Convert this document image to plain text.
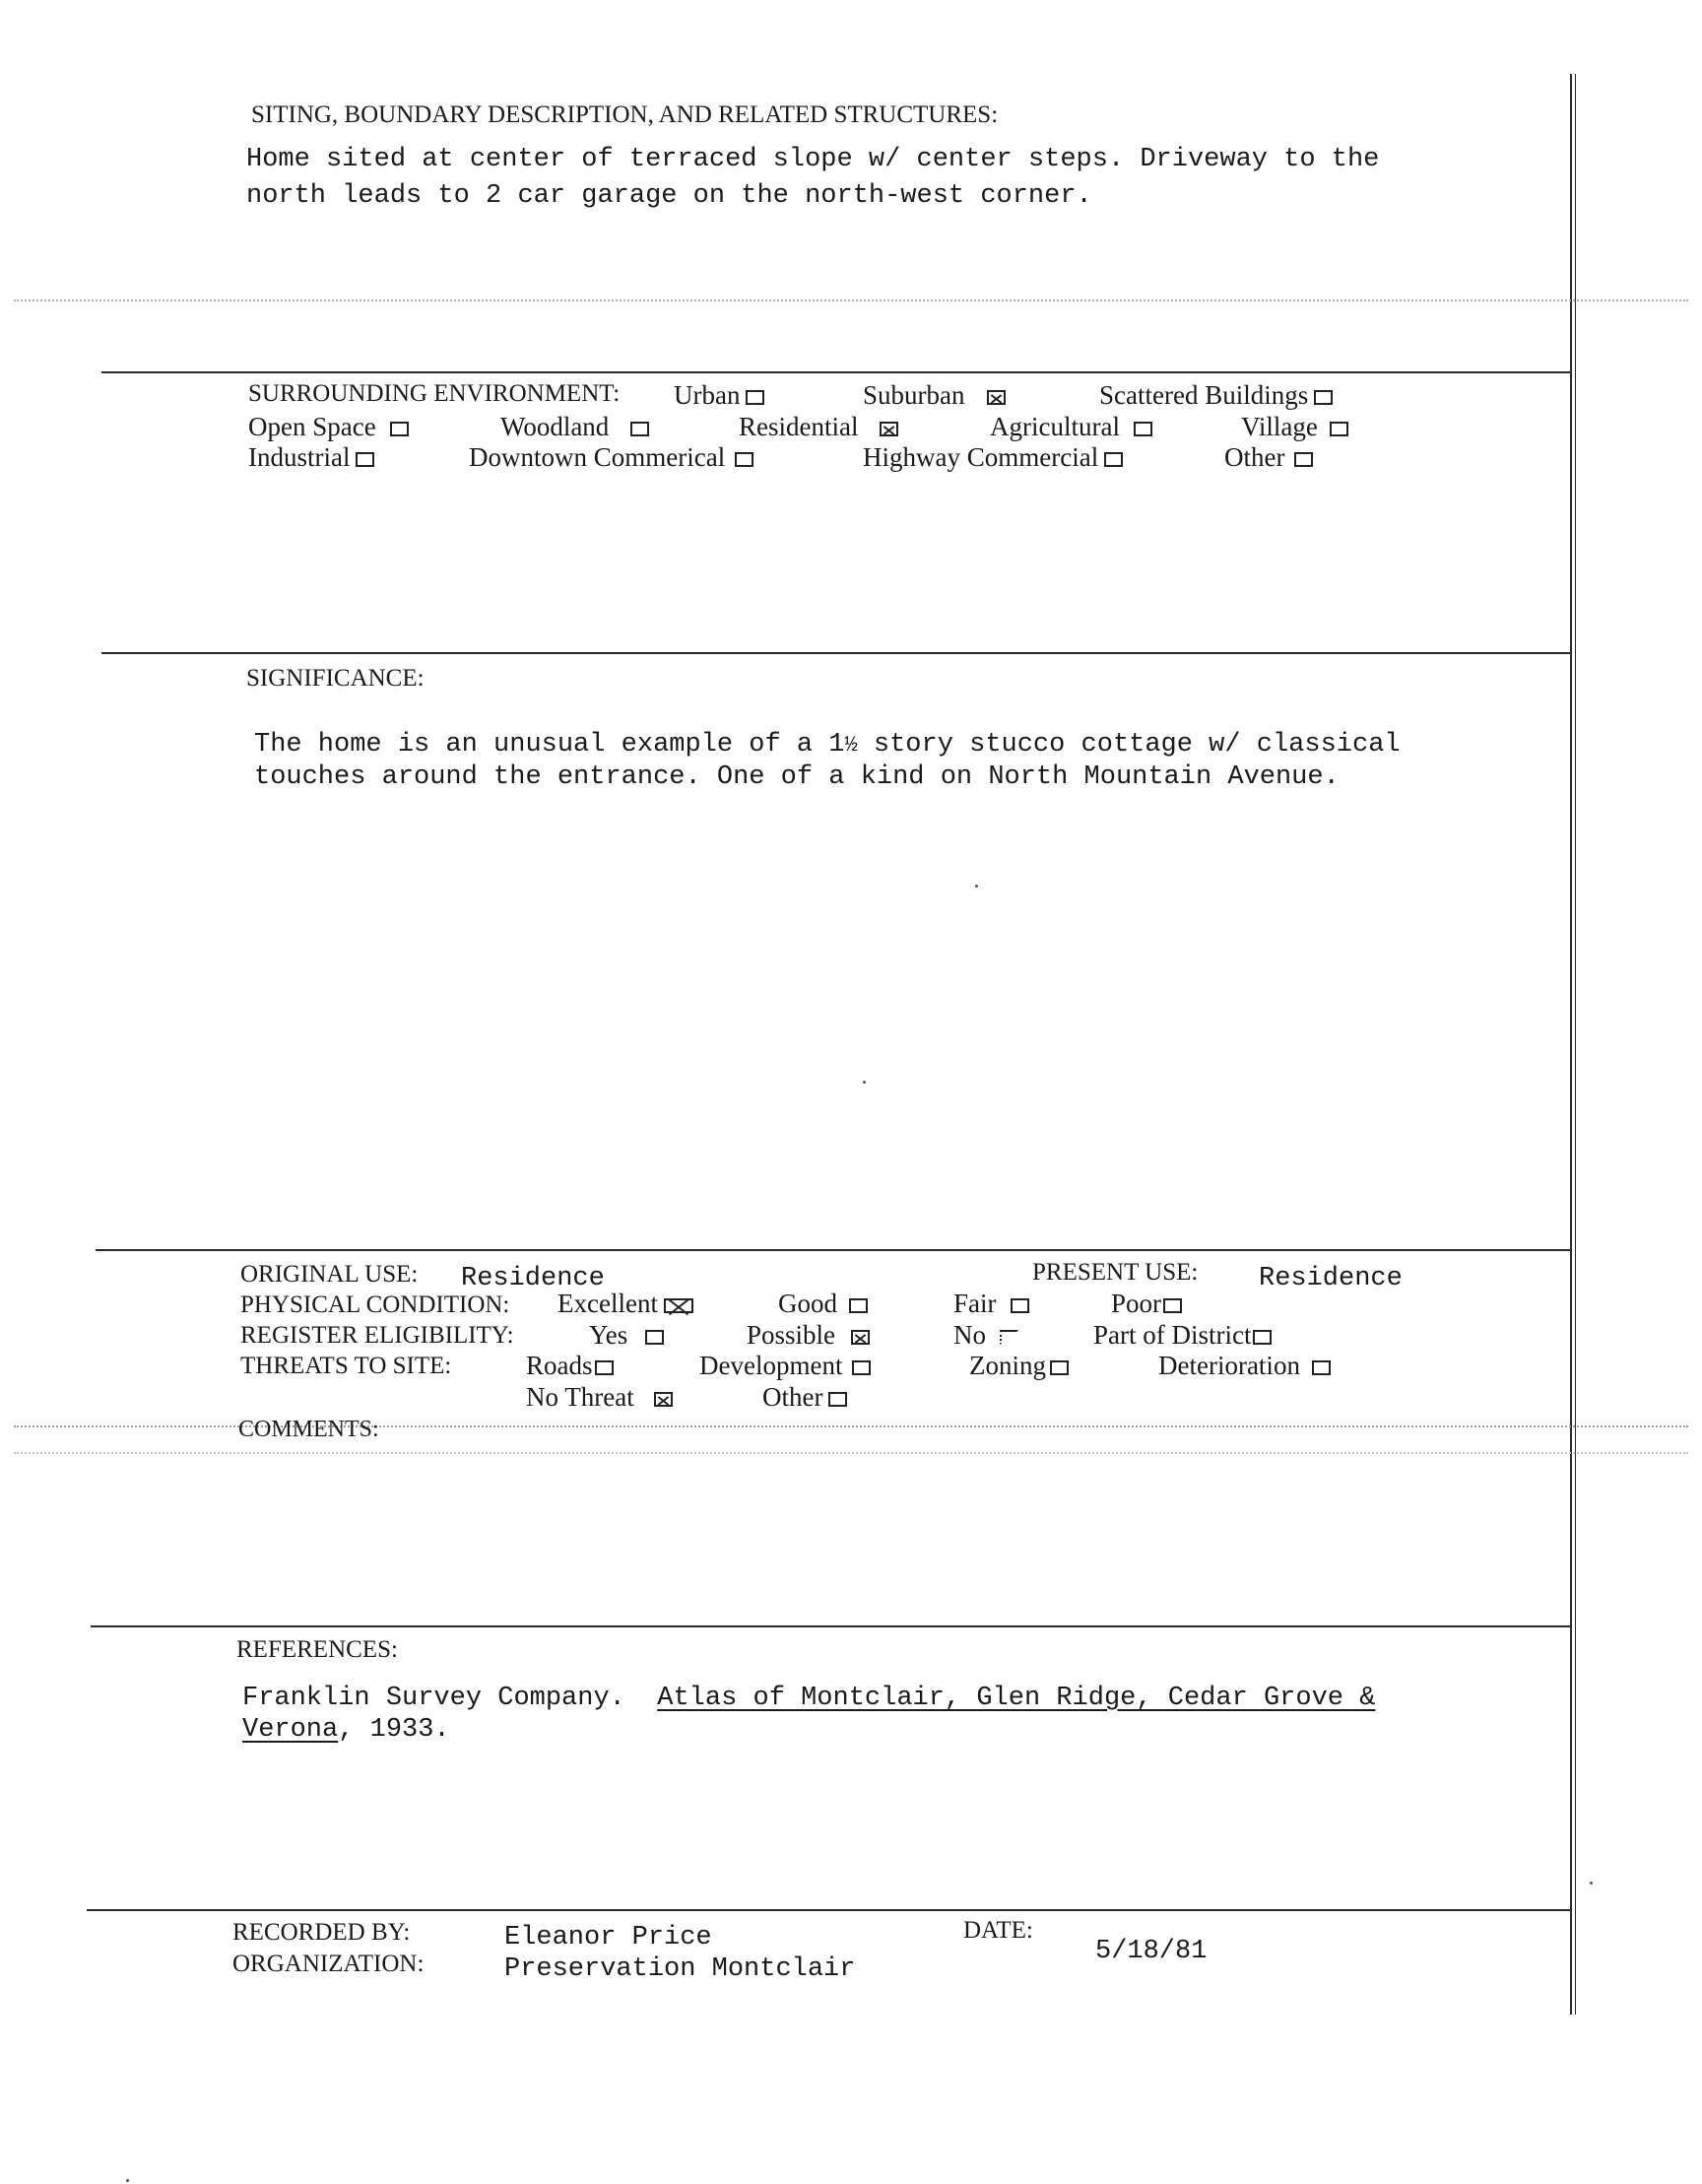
SITING, BOUNDARY DESCRIPTION, AND RELATED STRUCTURES:
Home sited at center of terraced slope w/ center steps. Driveway to the
north leads to 2 car garage on the north-west corner.
SURROUNDING ENVIRONMENT: Urban	Suburban	Scattered Buildings
Open Space	Woodland	Residential	Agricultural	Village
Industrial	Downtown Commerical	Highway Commercial	Other
SIGNIFICANCE:
The home is an unusual example of a 1½ story stucco cottage w/ classical
touches around the entrance. One of a kind on North Mountain Avenue.
ORIGINAL USE: Residence	PRESENT USE: Residence
PHYSICAL CONDITION: Excellent	Good	Fair	Poor
REGISTER ELIGIBILITY:	Yes	Possible	No	Part of District
THREATS TO SITE:	Roads	Development	Zoning	Deterioration
No Threat	Other
COMMENTS:
REFERENCES:
Franklin Survey Company. Atlas of Montclair, Glen Ridge, Cedar Grove &
Verona, 1933.
RECORDED BY:	Eleanor Price
ORGANIZATION:	Preservation Montclair
DATE:
5/18/81
